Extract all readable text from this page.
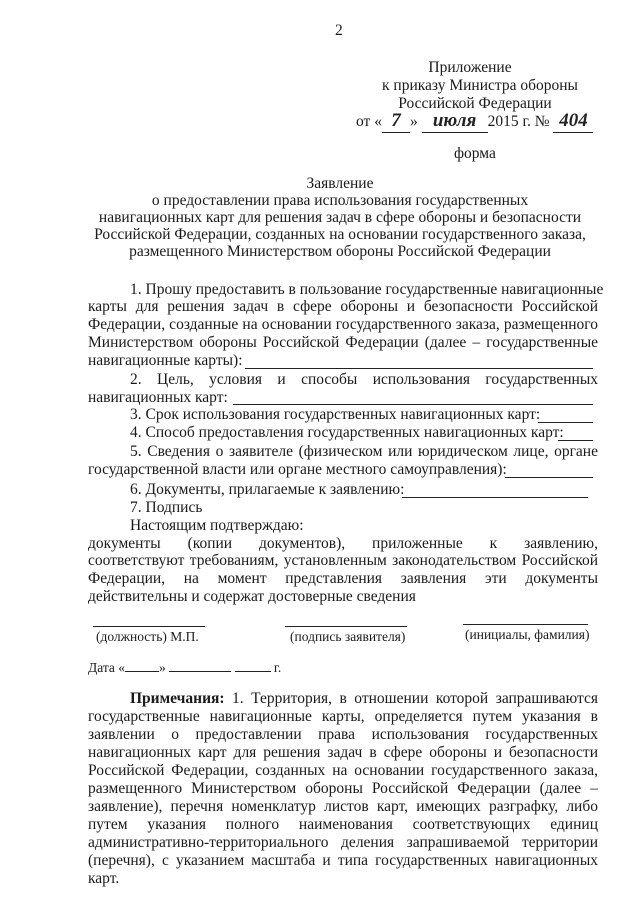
2
Приложение
к приказу Министра обороны
Российской Федерации
от « 7 » июля 2015 г. № 404
форма
Заявление
о предоставлении права использования государственных
навигационных карт для решения задач в сфере обороны и безопасности
Российской Федерации, созданных на основании государственного заказа,
размещенного Министерством обороны Российской Федерации
1. Прошу предоставить в пользование государственные навигационные
карты для решения задач в сфере обороны и безопасности Российской
Федерации, созданные на основании государственного заказа, размещенного
Министерством обороны Российской Федерации (далее – государственные
навигационные карты):
2. Цель, условия и способы использования государственных
навигационных карт:
3. Срок использования государственных навигационных карт:
4. Способ предоставления государственных навигационных карт:
5. Сведения о заявителе (физическом или юридическом лице, органе
государственной власти или органе местного самоуправления):
6. Документы, прилагаемые к заявлению:
7. Подпись
Настоящим подтверждаю:
документы (копии документов), приложенные к заявлению,
соответствуют требованиям, установленным законодательством Российской
Федерации, на момент представления заявления эти документы
действительны и содержат достоверные сведения
(должность) М.П.	(подпись заявителя)	(инициалы, фамилия)
Дата «	»	г.
Примечания: 1. Территория, в отношении которой запрашиваются
государственные навигационные карты, определяется путем указания в
заявлении о предоставлении права использования государственных
навигационных карт для решения задач в сфере обороны и безопасности
Российской Федерации, созданных на основании государственного заказа,
размещенного Министерством обороны Российской Федерации (далее –
заявление), перечня номенклатур листов карт, имеющих разграфку, либо
путем указания полного наименования соответствующих единиц
административно-территориального деления запрашиваемой территории
(перечня), с указанием масштаба и типа государственных навигационных
карт.
